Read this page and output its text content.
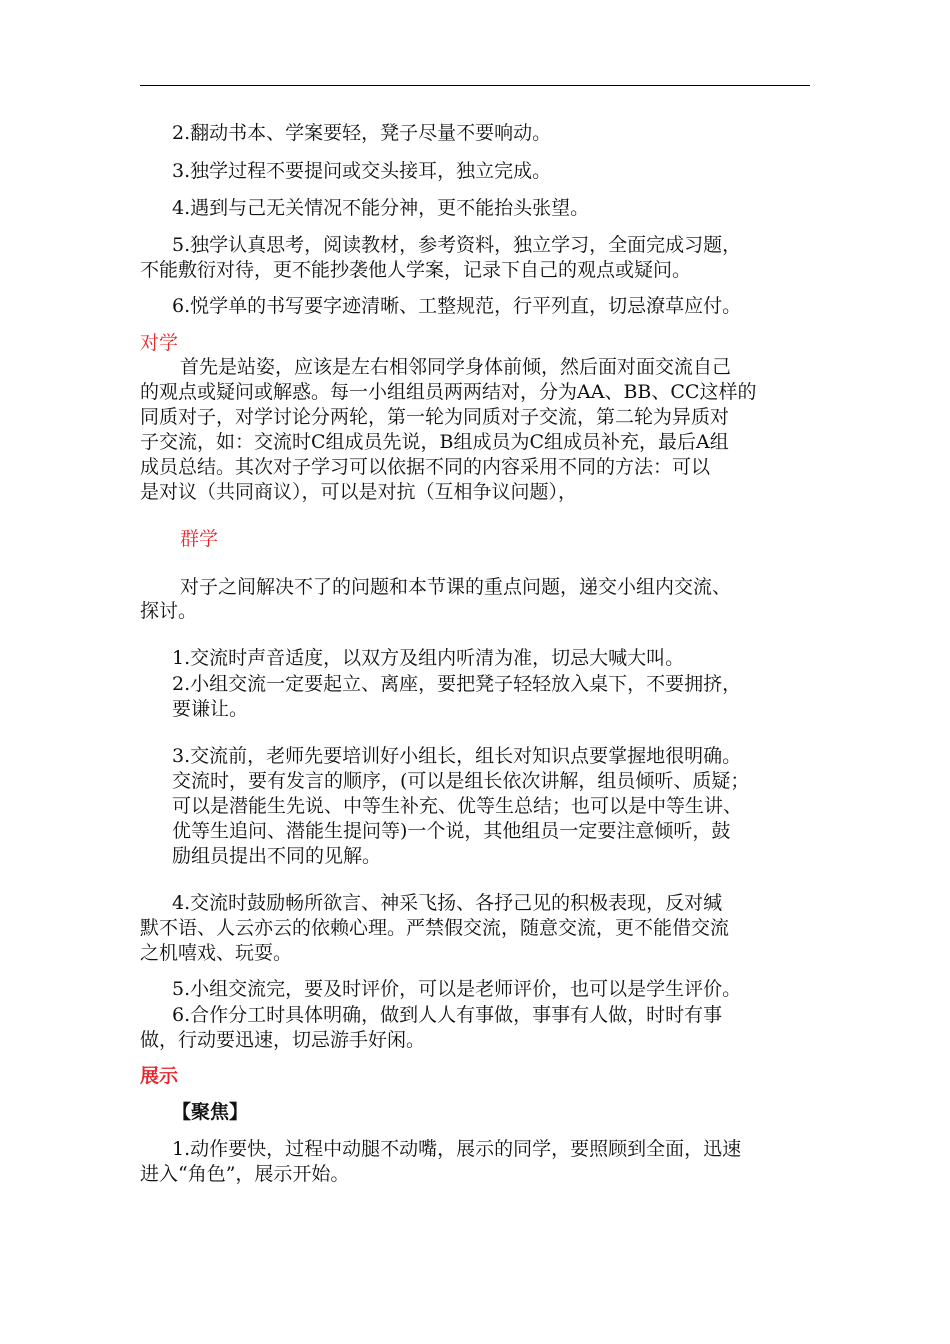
2.翻动书本、学案要轻，凳子尽量不要响动。
3.独学过程不要提问或交头接耳，独立完成。
4.遇到与己无关情况不能分神，更不能抬头张望。
5.独学认真思考，阅读教材，参考资料，独立学习，全面完成习题，
不能敷衍对待，更不能抄袭他人学案，记录下自己的观点或疑问。
6.悦学单的书写要字迹清晰、工整规范，行平列直，切忌潦草应付。
对学
首先是站姿，应该是左右相邻同学身体前倾，然后面对面交流自己
的观点或疑问或解惑。每一小组组员两两结对，分为AA、BB、CC这样的
同质对子，对学讨论分两轮，第一轮为同质对子交流，第二轮为异质对
子交流，如：交流时C组成员先说，B组成员为C组成员补充，最后A组
成员总结。其次对子学习可以依据不同的内容采用不同的方法：可以
是对议（共同商议），可以是对抗（互相争议问题），
群学
对子之间解决不了的问题和本节课的重点问题，递交小组内交流、
探讨。
1.交流时声音适度，以双方及组内听清为准，切忌大喊大叫。
2.小组交流一定要起立、离座，要把凳子轻轻放入桌下，不要拥挤，
要谦让。
3.交流前，老师先要培训好小组长，组长对知识点要掌握地很明确。
交流时，要有发言的顺序，(可以是组长依次讲解，组员倾听、质疑；
可以是潜能生先说、中等生补充、优等生总结；也可以是中等生讲、
优等生追问、潜能生提问等)一个说，其他组员一定要注意倾听，鼓
励组员提出不同的见解。
4.交流时鼓励畅所欲言、神采飞扬、各抒己见的积极表现，反对缄
默不语、人云亦云的依赖心理。严禁假交流，随意交流，更不能借交流
之机嘻戏、玩耍。
5.小组交流完，要及时评价，可以是老师评价，也可以是学生评价。
6.合作分工时具体明确，做到人人有事做，事事有人做，时时有事
做，行动要迅速，切忌游手好闲。
展示
【聚焦】
1.动作要快，过程中动腿不动嘴，展示的同学，要照顾到全面，迅速
进入“角色”，展示开始。
